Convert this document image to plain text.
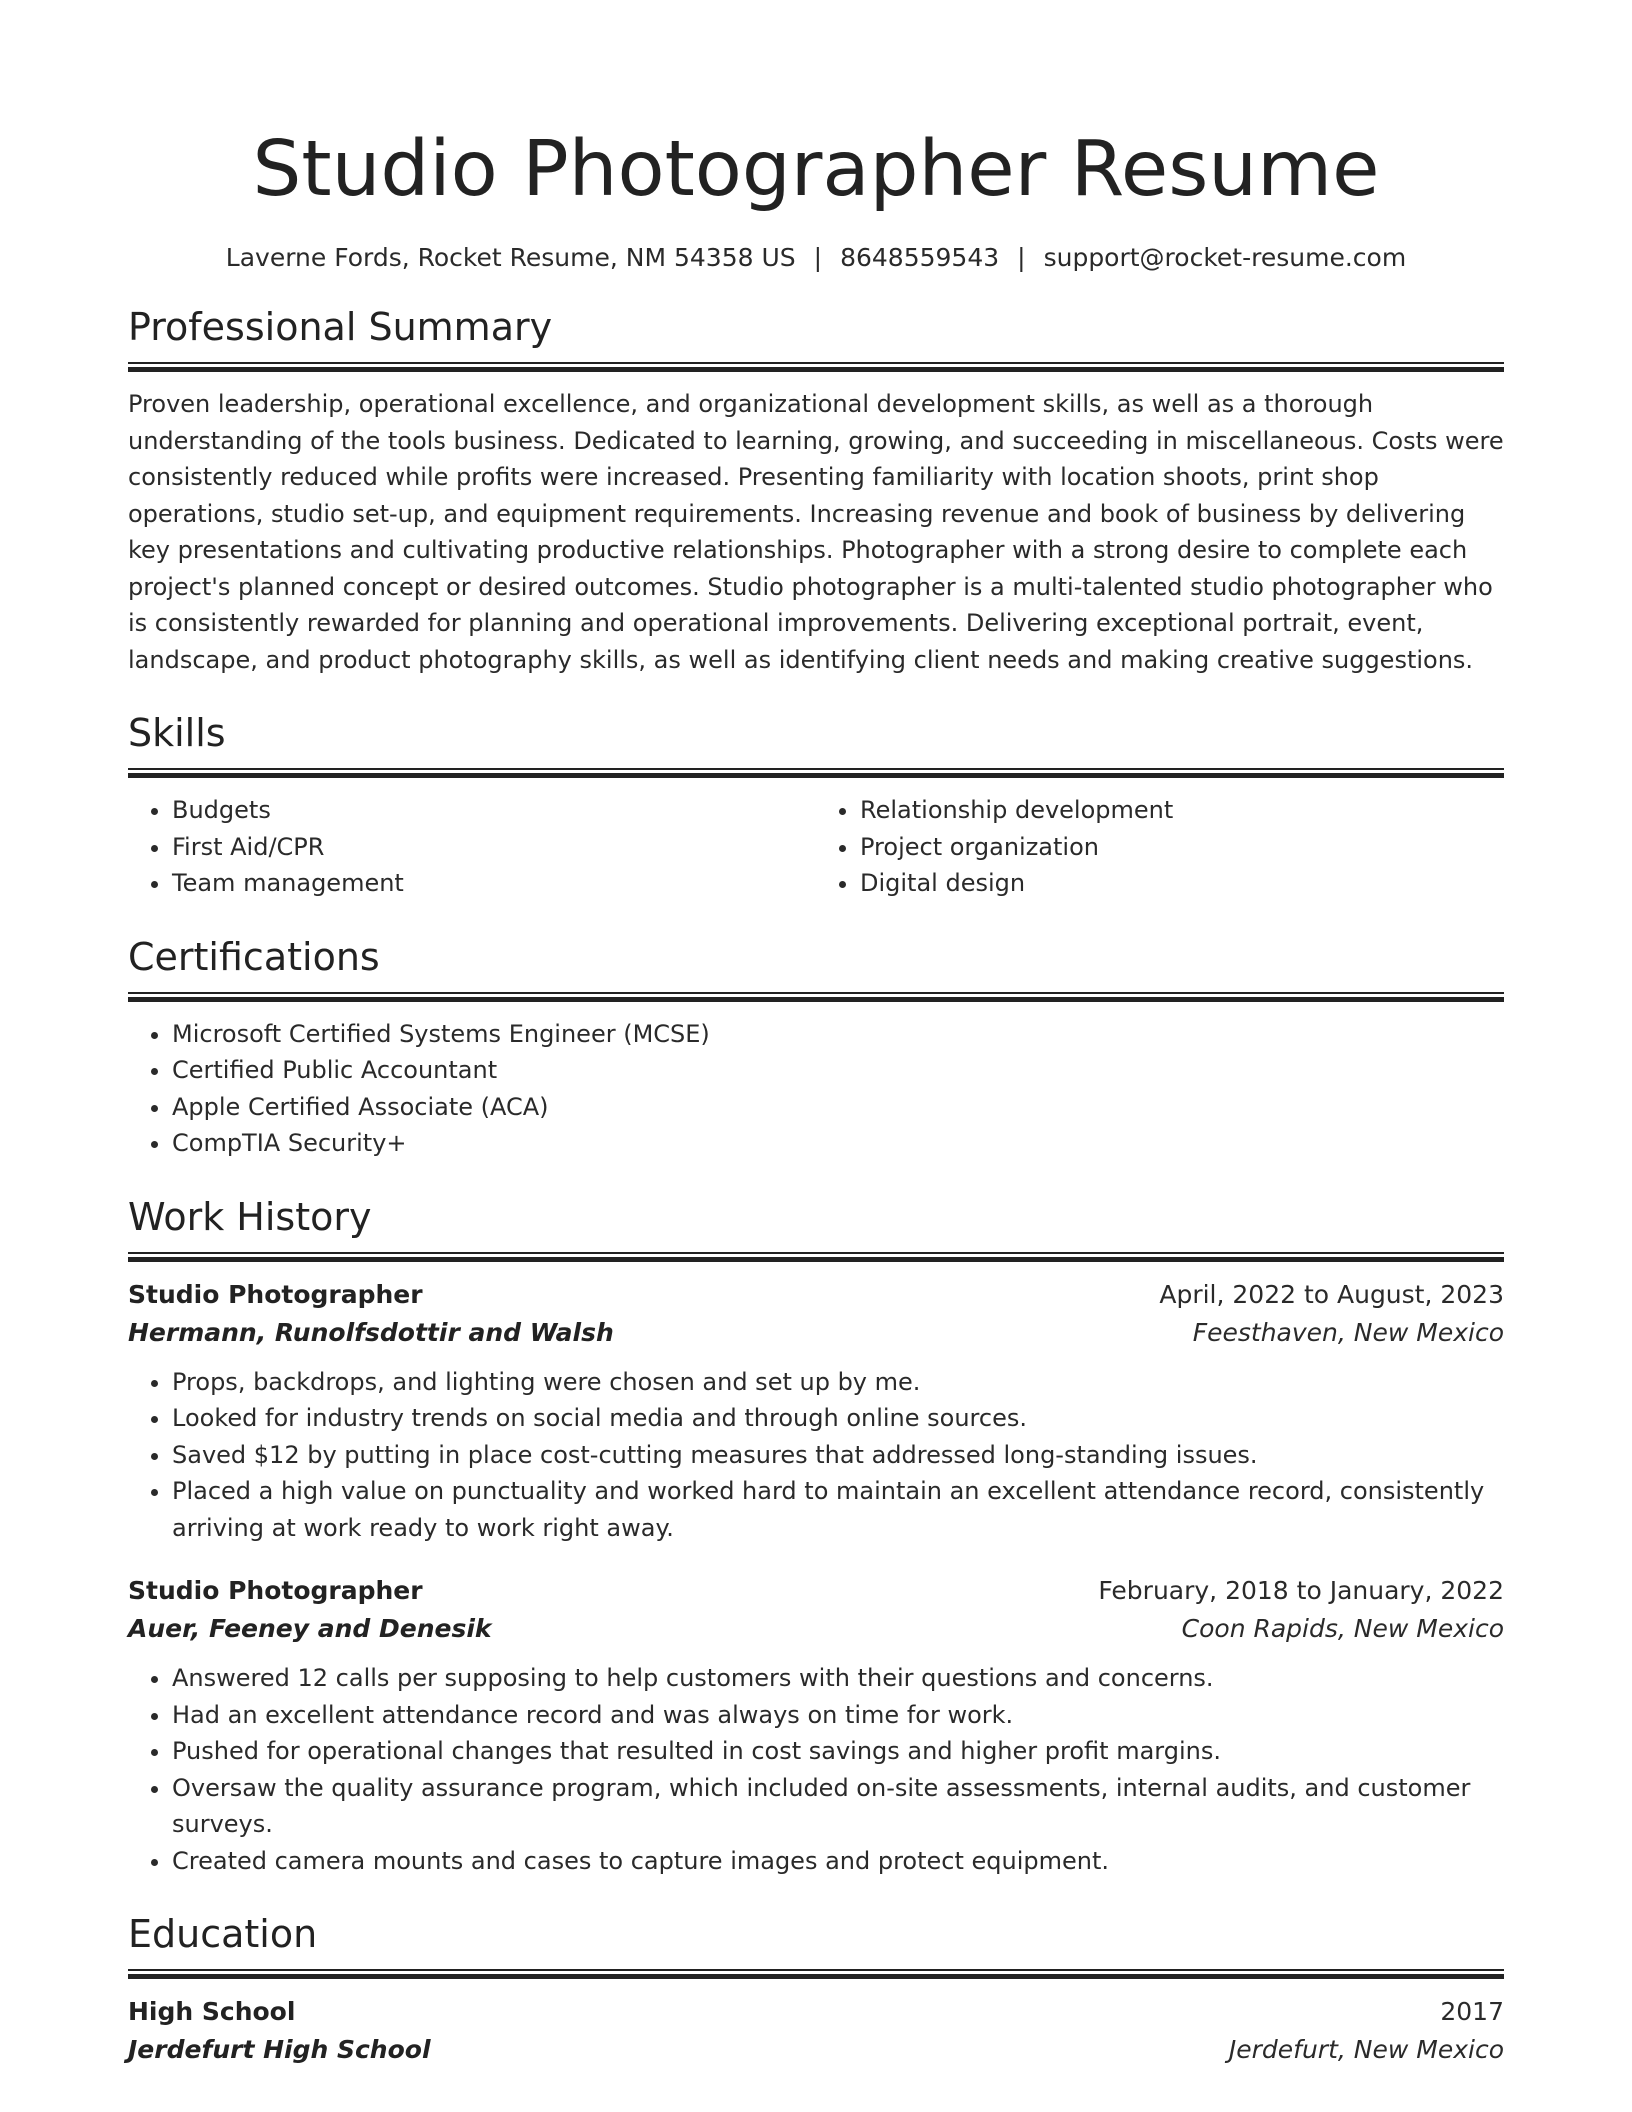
Studio Photographer Resume
Laverne Fords, Rocket Resume, NM 54358 US | 8648559543 | support@rocket-resume.com
Professional Summary
Proven leadership, operational excellence, and organizational development skills, as well as a thorough understanding of the tools business. Dedicated to learning, growing, and succeeding in miscellaneous. Costs were consistently reduced while profits were increased. Presenting familiarity with location shoots, print shop operations, studio set-up, and equipment requirements. Increasing revenue and book of business by delivering key presentations and cultivating productive relationships. Photographer with a strong desire to complete each project's planned concept or desired outcomes. Studio photographer is a multi-talented studio photographer who is consistently rewarded for planning and operational improvements. Delivering exceptional portrait, event, landscape, and product photography skills, as well as identifying client needs and making creative suggestions.
Skills
• Budgets
• First Aid/CPR
• Team management
• Relationship development
• Project organization
• Digital design
Certifications
• Microsoft Certified Systems Engineer (MCSE)
• Certified Public Accountant
• Apple Certified Associate (ACA)
• CompTIA Security+
Work History
Studio Photographer	April, 2022 to August, 2023
Hermann, Runolfsdottir and Walsh	Feesthaven, New Mexico
• Props, backdrops, and lighting were chosen and set up by me.
• Looked for industry trends on social media and through online sources.
• Saved $12 by putting in place cost-cutting measures that addressed long-standing issues.
• Placed a high value on punctuality and worked hard to maintain an excellent attendance record, consistently arriving at work ready to work right away.
Studio Photographer	February, 2018 to January, 2022
Auer, Feeney and Denesik	Coon Rapids, New Mexico
• Answered 12 calls per supposing to help customers with their questions and concerns.
• Had an excellent attendance record and was always on time for work.
• Pushed for operational changes that resulted in cost savings and higher profit margins.
• Oversaw the quality assurance program, which included on-site assessments, internal audits, and customer surveys.
• Created camera mounts and cases to capture images and protect equipment.
Education
High School	2017
Jerdefurt High School	Jerdefurt, New Mexico
